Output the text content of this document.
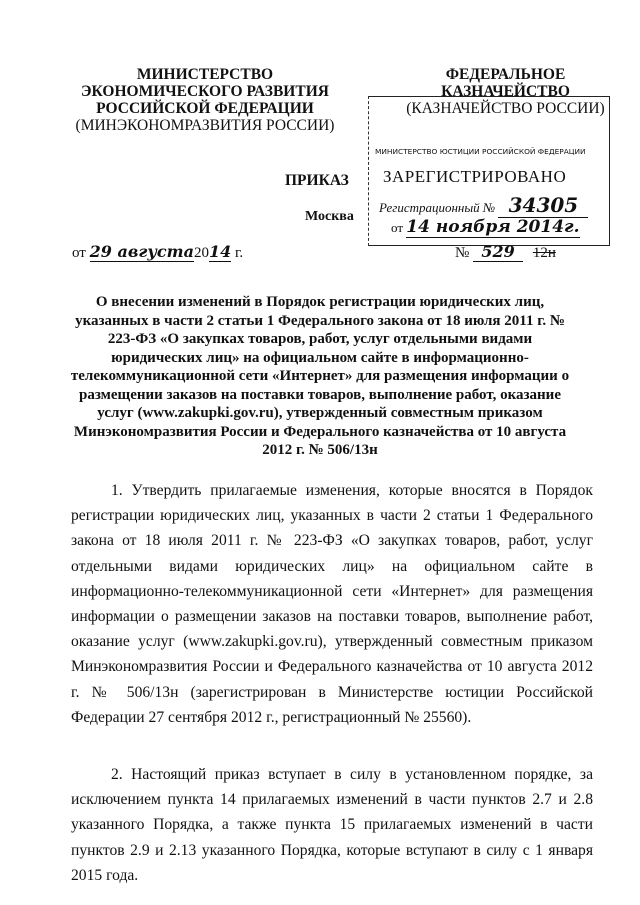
МИНИСТЕРСТВО
ЭКОНОМИЧЕСКОГО РАЗВИТИЯ
РОССИЙСКОЙ ФЕДЕРАЦИИ
(МИНЭКОНОМРАЗВИТИЯ РОССИИ)
ФЕДЕРАЛЬНОЕ
КАЗНАЧЕЙСТВО
(КАЗНАЧЕЙСТВО РОССИИ)
МИНИСТЕРСТВО ЮСТИЦИИ РОССИЙСКОЙ ФЕДЕРАЦИИ
ЗАРЕГИСТРИРОВАНО
Регистрационный № 34305
от 14 ноября 2014г.
ПРИКАЗ
Москва
от 29 августа2014 г.	№ 529 12н
О внесении изменений в Порядок регистрации юридических лиц, указанных в части 2 статьи 1 Федерального закона от 18 июля 2011 г. № 223-ФЗ «О закупках товаров, работ, услуг отдельными видами юридических лиц» на официальном сайте в информационно-телекоммуникационной сети «Интернет» для размещения информации о размещении заказов на поставки товаров, выполнение работ, оказание услуг (www.zakupki.gov.ru), утвержденный совместным приказом Минэкономразвития России и Федерального казначейства от 10 августа 2012 г. № 506/13н
1. Утвердить прилагаемые изменения, которые вносятся в Порядок регистрации юридических лиц, указанных в части 2 статьи 1 Федерального закона от 18 июля 2011 г. № 223-ФЗ «О закупках товаров, работ, услуг отдельными видами юридических лиц» на официальном сайте в информационно-телекоммуникационной сети «Интернет» для размещения информации о размещении заказов на поставки товаров, выполнение работ, оказание услуг (www.zakupki.gov.ru), утвержденный совместным приказом Минэкономразвития России и Федерального казначейства от 10 августа 2012 г. № 506/13н (зарегистрирован в Министерстве юстиции Российской Федерации 27 сентября 2012 г., регистрационный № 25560).
2. Настоящий приказ вступает в силу в установленном порядке, за исключением пункта 14 прилагаемых изменений в части пунктов 2.7 и 2.8 указанного Порядка, а также пункта 15 прилагаемых изменений в части пунктов 2.9 и 2.13 указанного Порядка, которые вступают в силу с 1 января 2015 года.
